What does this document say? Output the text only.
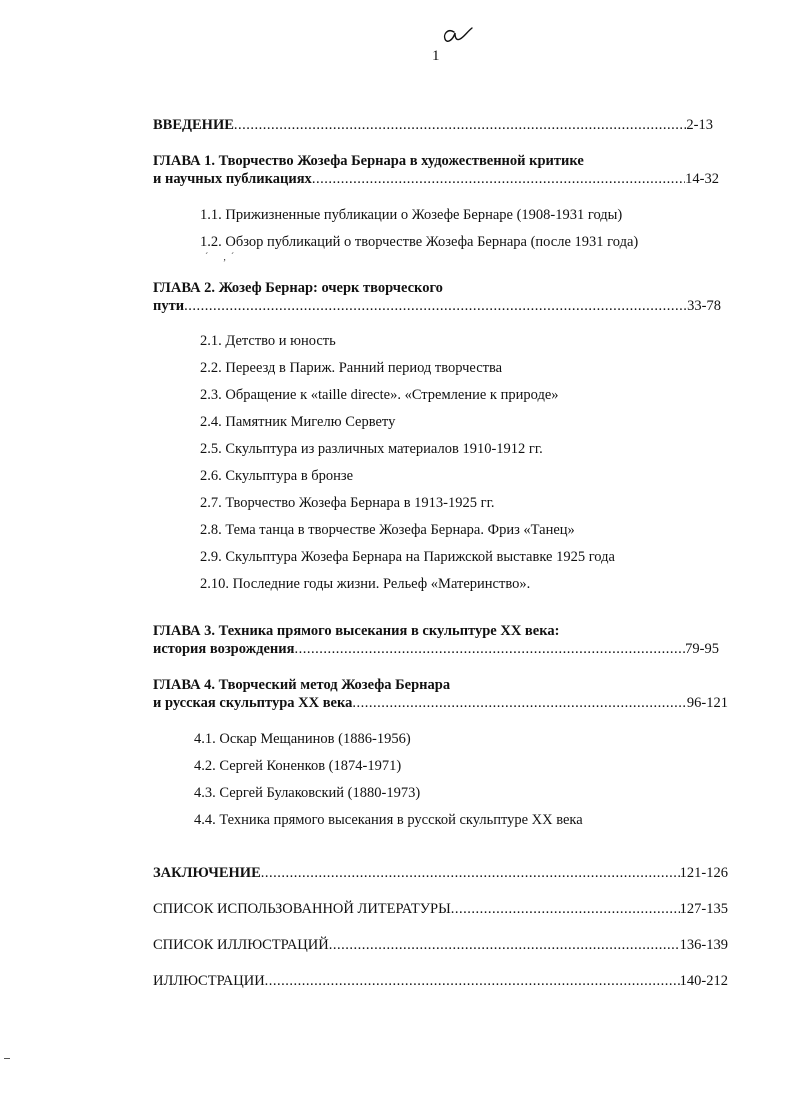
1
ВВЕДЕНИЕ .....	2-13
ГЛАВА 1. Творчество Жозефа Бернара в художественной критике
и научных публикациях .....	14-32
1.1. Прижизненные публикации о Жозефе Бернаре (1908-1931 годы)
1.2. Обзор публикаций о творчестве Жозефа Бернара (после 1931 года)
´      ,  ´
ГЛАВА 2. Жозеф Бернар: очерк творческого
пути .....	33-78
2.1. Детство и юность
2.2. Переезд в Париж. Ранний период творчества
2.3. Обращение к «taille directe». «Стремление к природе»
2.4. Памятник Мигелю Сервету
2.5. Скульптура из различных материалов 1910-1912 гг.
2.6. Скульптура в бронзе
2.7. Творчество Жозефа Бернара в 1913-1925 гг.
2.8. Тема танца в творчестве Жозефа Бернара. Фриз «Танец»
2.9. Скульптура Жозефа Бернара на Парижской выставке 1925 года
2.10. Последние годы жизни. Рельеф «Материнство».
ГЛАВА 3. Техника прямого высекания в скульптуре XX века:
история возрождения .....	79-95
ГЛАВА 4. Творческий метод Жозефа Бернара
и русская скульптура XX века .....	96-121
4.1. Оскар Мещанинов (1886-1956)
4.2. Сергей Коненков (1874-1971)
4.3. Сергей Булаковский (1880-1973)
4.4. Техника прямого высекания в русской скульптуре XX века
ЗАКЛЮЧЕНИЕ .....	121-126
СПИСОК ИСПОЛЬЗОВАННОЙ ЛИТЕРАТУРЫ .....	127-135
СПИСОК ИЛЛЮСТРАЦИЙ .....	136-139
ИЛЛЮСТРАЦИИ .....	140-212
